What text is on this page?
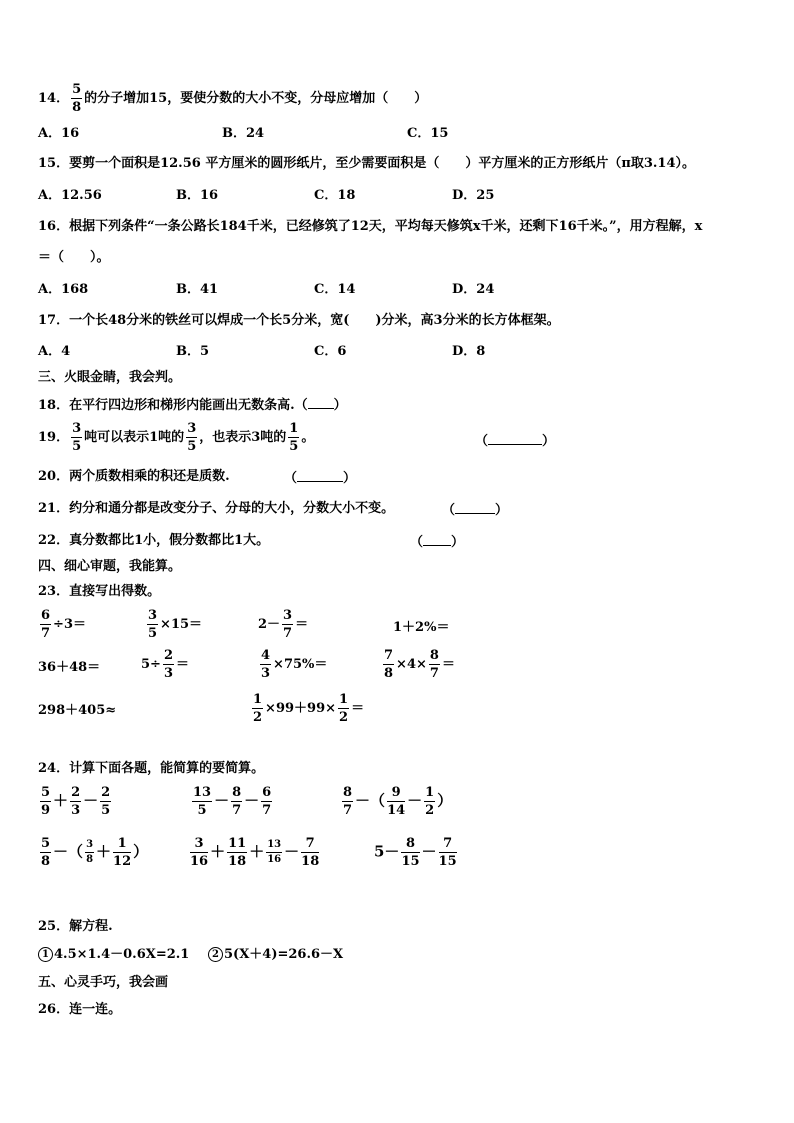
14． $\frac{5}{8}$ 的分子增加15，要使分数的大小不变，分母应增加（　　）
A．16	B．24	C．15
15．要剪一个面积是12.56 平方厘米的圆形纸片，至少需要面积是（　　）平方厘米的正方形纸片（π取3.14）。
A．12.56	B．16	C．18	D．25
16．根据下列条件“一条公路长184千米，已经修筑了12天，平均每天修筑x千米，还剩下16千米。”，用方程解，x
＝（　　）。
A．168	B．41	C．14	D．24
17．一个长48分米的铁丝可以焊成一个长5分米，宽(　　)分米，高3分米的长方体框架。
A．4	B．5	C．6	D．8
三、火眼金睛，我会判。
18．在平行四边形和梯形内能画出无数条高.（ ）
19． $\frac{3}{5}$ 吨可以表示1吨的 $\frac{3}{5}$ ，也表示3吨的 $\frac{1}{5}$ 。	（	）
20．两个质数相乘的积还是质数.	（	）
21．约分和通分都是改变分子、分母的大小，分数大小不变。	（	）
22．真分数都比1小，假分数都比1大。	（ ）
四、细心审题，我能算。
23．直接写出得数。
$\frac{6}{7} \div 3=$	$\frac{3}{5} \times 15=$	$2- \frac{3}{7}$ ＝	1＋2%＝
36＋48＝	$5\div \frac{2}{3}$ ＝	$\frac{4}{3} \times 75\%=$	$\frac{7}{8} \times 4\times \frac{8}{7}$ ＝
298＋405≈	$\frac{1}{2} \times 99+99\times \frac{1}{2}$ ＝
24．计算下面各题，能简算的要简算。
$\frac{5}{9} + \frac{2}{3} - \frac{2}{5}$	$\frac{13}{5} - \frac{8}{7} - \frac{6}{7}$	$\frac{8}{7}$ －（ $\frac{9}{14} - \frac{1}{2}$ ）
$\frac{5}{8}$ －（ $\frac{3}{8} + \frac{1}{12}$ ）	$\frac{3}{16} + \frac{11}{18} + \frac{13}{16} - \frac{7}{18}$	$5- \frac{8}{15} - \frac{7}{15}$
25．解方程.
1 4.5×1.4－0.6X=2.1	2 5(X＋4)=26.6－X
五、心灵手巧，我会画
26．连一连。
